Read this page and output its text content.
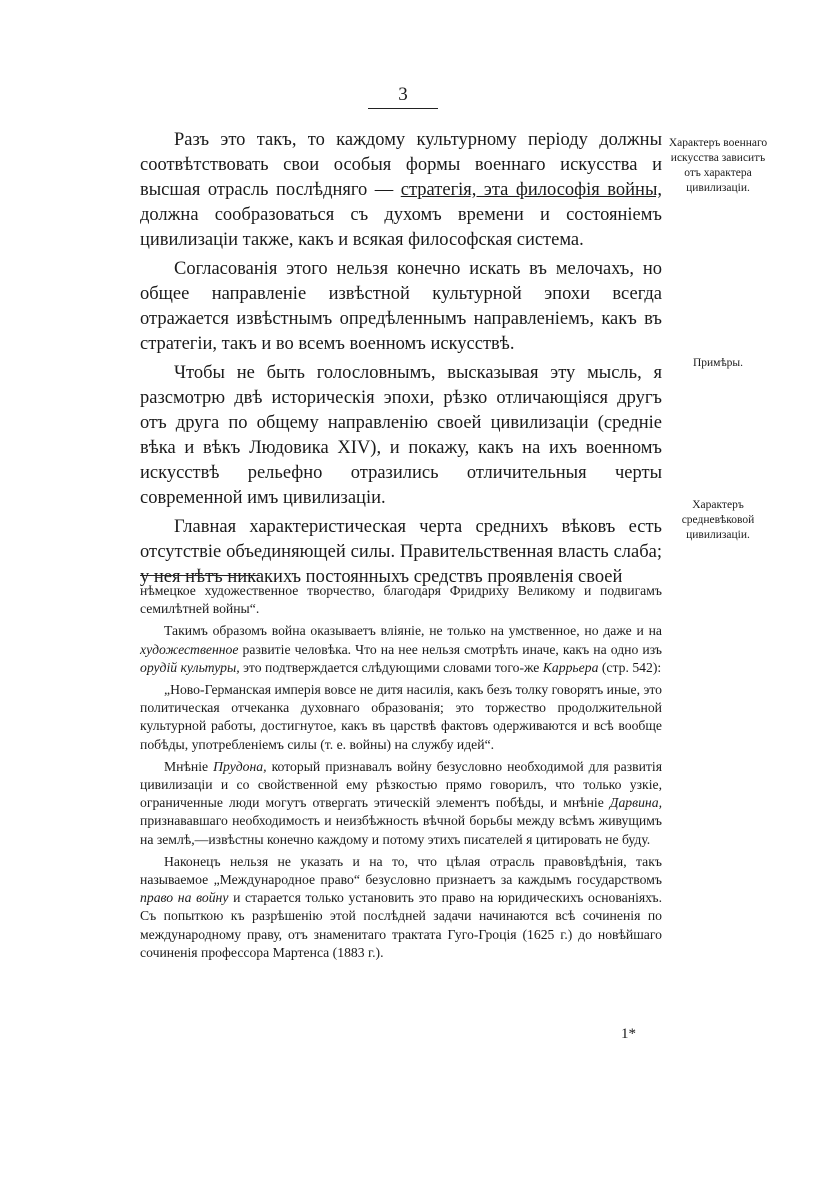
3

Разъ это такъ, то каждому культурному періоду должны соотвѣтствовать свои особыя формы военнаго искусства и высшая отрасль послѣдняго — стратегія, эта философія войны, должна сообразоваться съ духомъ времени и состояніемъ цивилизаціи также, какъ и всякая философская система.

Согласованія этого нельзя конечно искать въ мелочахъ, но общее направленіе извѣстной культурной эпохи всегда отражается извѣстнымъ опредѣленнымъ направленіемъ, какъ въ стратегіи, такъ и во всемъ военномъ искусствѣ.

Чтобы не быть голословнымъ, высказывая эту мысль, я разсмотрю двѣ историческія эпохи, рѣзко отличающіяся другъ отъ друга по общему направленію своей цивилизаціи (средніе вѣка и вѣкъ Людовика XIV), и покажу, какъ на ихъ военномъ искусствѣ рельефно отразились отличительныя черты современной имъ цивилизаціи.

Главная характеристическая черта среднихъ вѣковъ есть отсутствіе объединяющей силы. Правительственная власть слаба; у нея нѣтъ никакихъ постоянныхъ средствъ проявленія своей

Характеръ военнаго искусства зависитъ отъ характера цивилизаціи.
Примѣры.
Характеръ средневѣковой цивилизаціи.

нѣмецкое художественное творчество, благодаря Фридриху Великому и подвигамъ семилѣтней войны“.

Такимъ образомъ война оказываетъ вліяніе, не только на умственное, но даже и на художественное развитіе человѣка. Что на нее нельзя смотрѣть иначе, какъ на одно изъ орудій культуры, это подтверждается слѣдующими словами того-же Каррьера (стр. 542):

„Ново-Германская имперія вовсе не дитя насилія, какъ безъ толку говорятъ иные, это политическая отчеканка духовнаго образованія; это торжество продолжительной культурной работы, достигнутое, какъ въ царствѣ фактовъ одерживаются и всѣ вообще побѣды, употребленіемъ силы (т. е. войны) на службу идей“.

Мнѣніе Прудона, который признавалъ войну безусловно необходимой для развитія цивилизаціи и со свойственной ему рѣзкостью прямо говорилъ, что только узкіе, ограниченные люди могутъ отвергать этическій элементъ побѣды, и мнѣніе Дарвина, признававшаго необходимость и неизбѣжность вѣчной борьбы между всѣмъ живущимъ на землѣ,—извѣстны конечно каждому и потому этихъ писателей я цитировать не буду.

Наконецъ нельзя не указать и на то, что цѣлая отрасль правовѣдѣнія, такъ называемое „Международное право“ безусловно признаетъ за каждымъ государствомъ право на войну и старается только установить это право на юридическихъ основаніяхъ. Съ попыткою къ разрѣшенію этой послѣдней задачи начинаются всѣ сочиненія по международному праву, отъ знаменитаго трактата Гуго-Гроція (1625 г.) до новѣйшаго сочиненія профессора Мартенса (1883 г.).

1*
